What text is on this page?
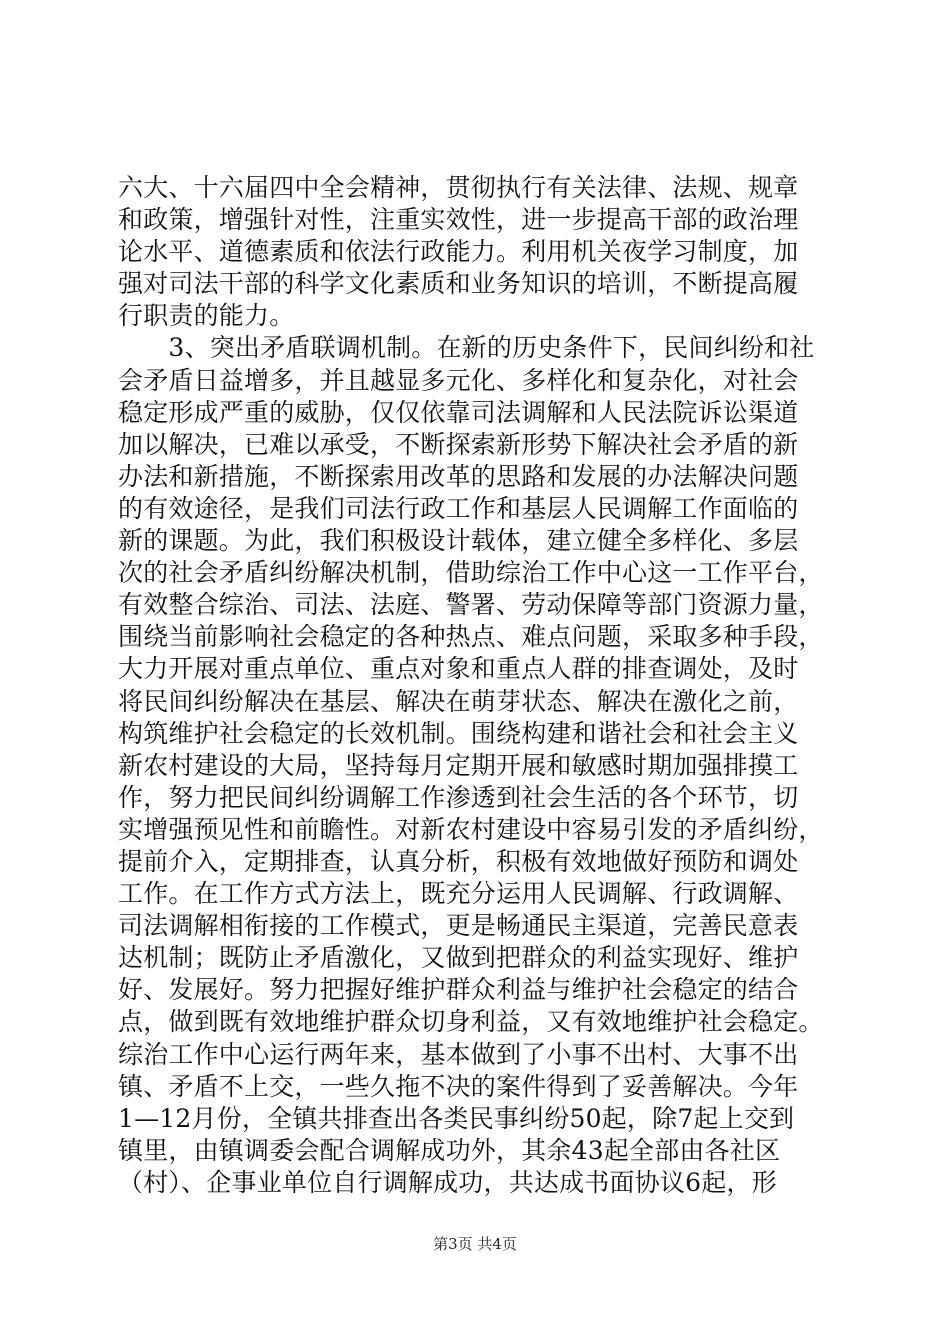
六大、十六届四中全会精神，贯彻执行有关法律、法规、规章
和政策，增强针对性，注重实效性，进一步提高干部的政治理
论水平、道德素质和依法行政能力。利用机关夜学习制度，加
强对司法干部的科学文化素质和业务知识的培训，不断提高履
行职责的能力。
　　3、突出矛盾联调机制。在新的历史条件下，民间纠纷和社
会矛盾日益增多，并且越显多元化、多样化和复杂化，对社会
稳定形成严重的威胁，仅仅依靠司法调解和人民法院诉讼渠道
加以解决，已难以承受，不断探索新形势下解决社会矛盾的新
办法和新措施，不断探索用改革的思路和发展的办法解决问题
的有效途径，是我们司法行政工作和基层人民调解工作面临的
新的课题。为此，我们积极设计载体，建立健全多样化、多层
次的社会矛盾纠纷解决机制，借助综治工作中心这一工作平台，
有效整合综治、司法、法庭、警署、劳动保障等部门资源力量，
围绕当前影响社会稳定的各种热点、难点问题，采取多种手段，
大力开展对重点单位、重点对象和重点人群的排查调处，及时
将民间纠纷解决在基层、解决在萌芽状态、解决在激化之前，
构筑维护社会稳定的长效机制。围绕构建和谐社会和社会主义
新农村建设的大局，坚持每月定期开展和敏感时期加强排摸工
作，努力把民间纠纷调解工作渗透到社会生活的各个环节，切
实增强预见性和前瞻性。对新农村建设中容易引发的矛盾纠纷，
提前介入，定期排查，认真分析，积极有效地做好预防和调处
工作。在工作方式方法上，既充分运用人民调解、行政调解、
司法调解相衔接的工作模式，更是畅通民主渠道，完善民意表
达机制；既防止矛盾激化，又做到把群众的利益实现好、维护
好、发展好。努力把握好维护群众利益与维护社会稳定的结合
点，做到既有效地维护群众切身利益，又有效地维护社会稳定。
综治工作中心运行两年来，基本做到了小事不出村、大事不出
镇、矛盾不上交，一些久拖不决的案件得到了妥善解决。今年
1—12月份，全镇共排查出各类民事纠纷50起，除7起上交到
镇里，由镇调委会配合调解成功外，其余43起全部由各社区
（村）、企事业单位自行调解成功，共达成书面协议6起，形
第3页 共4页
